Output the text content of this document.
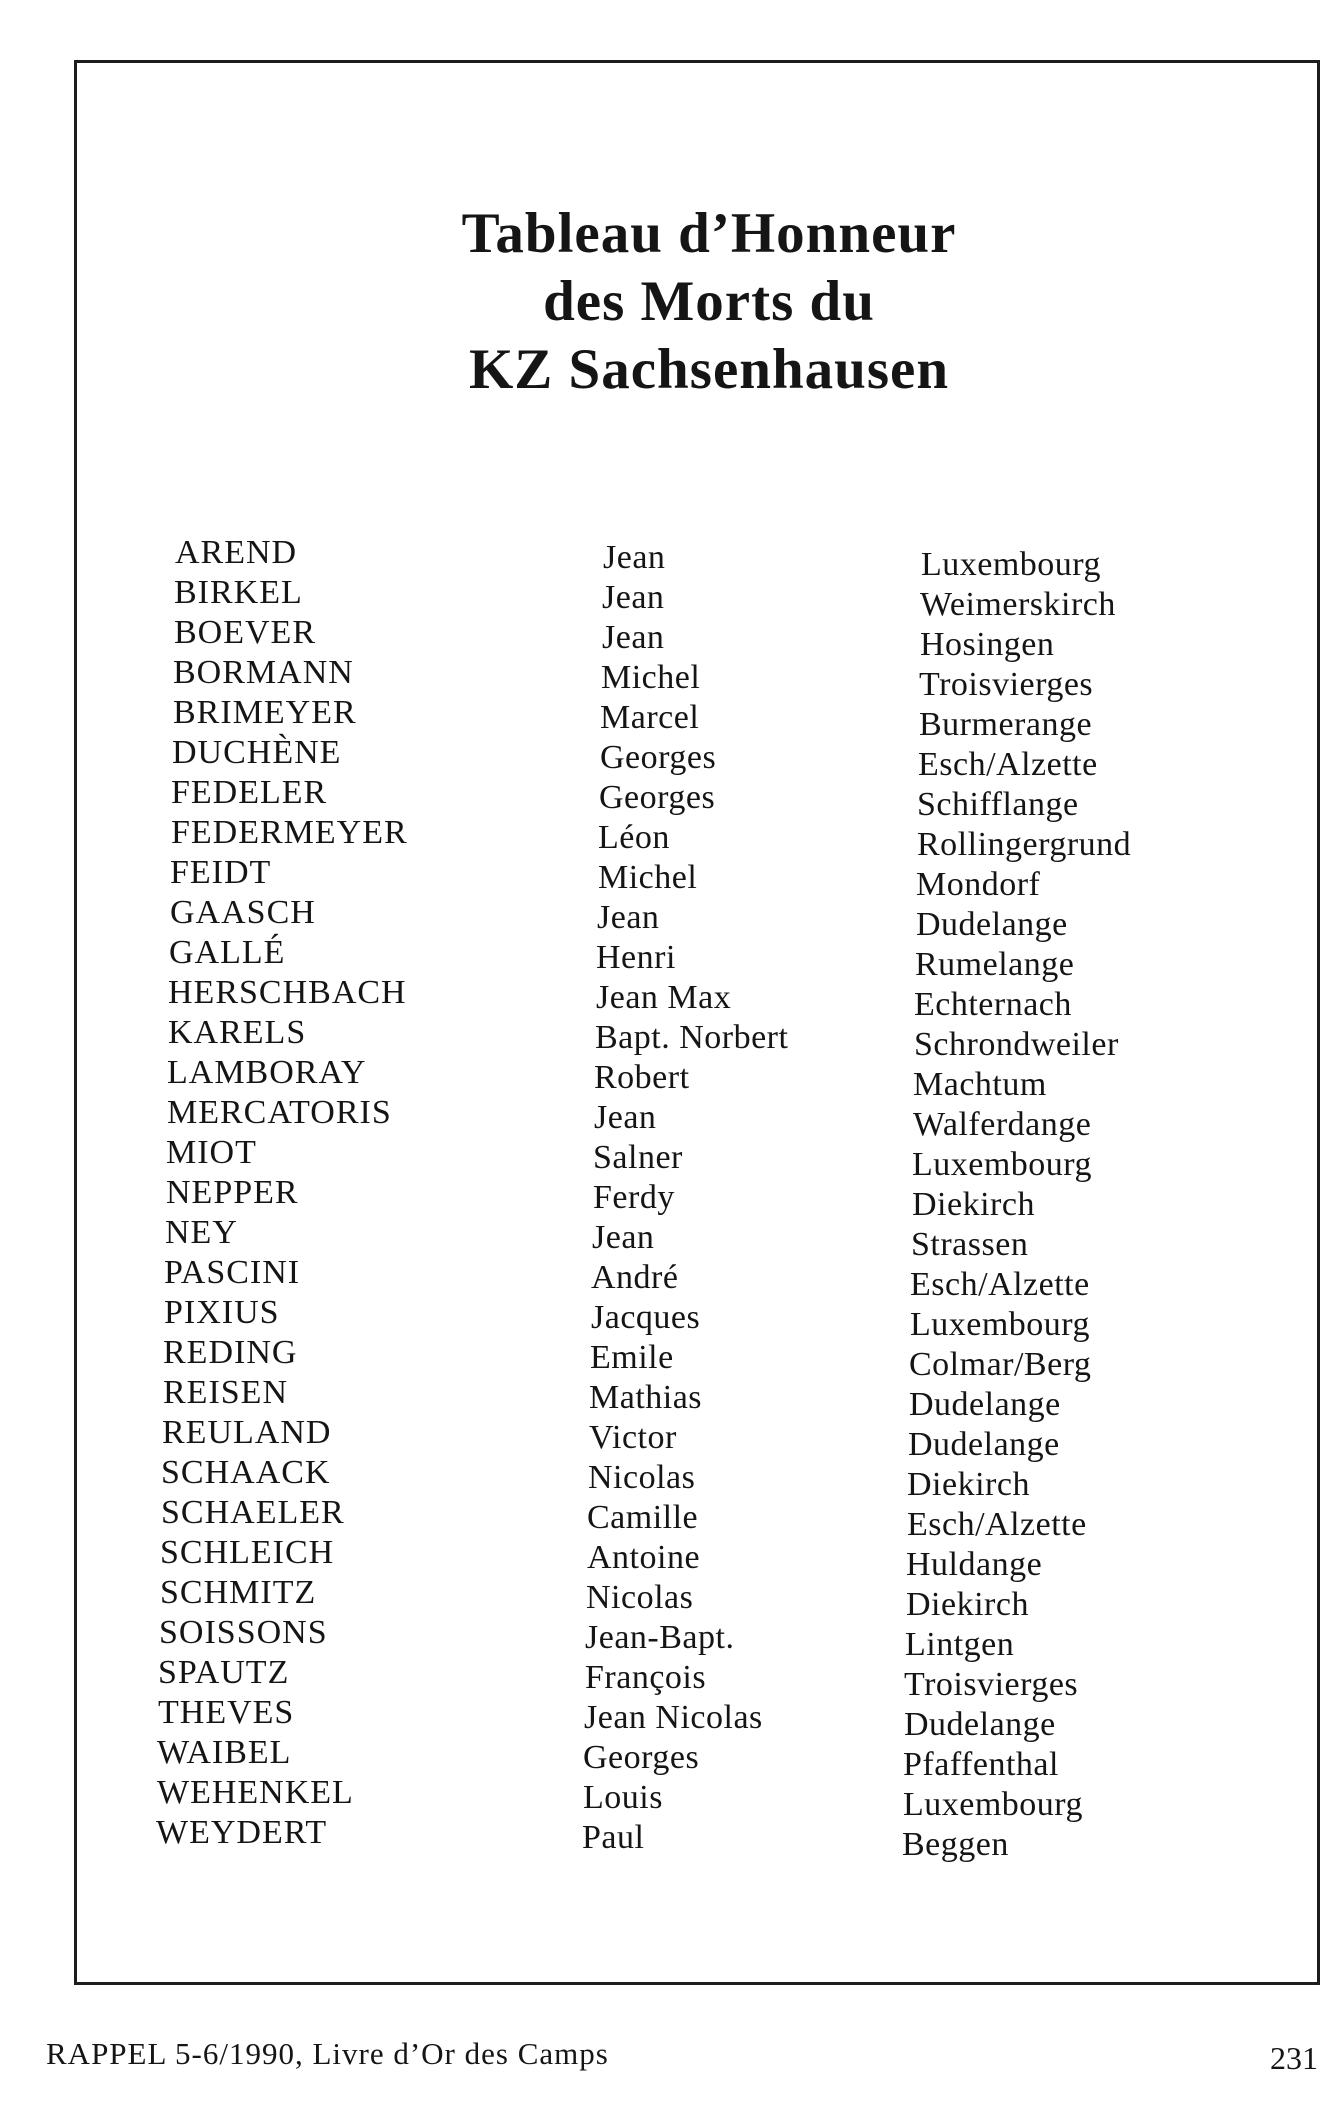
Tableau d’Honneur
des Morts du
KZ Sachsenhausen
AREND	Jean	Luxembourg
BIRKEL	Jean	Weimerskirch
BOEVER	Jean	Hosingen
BORMANN	Michel	Troisvierges
BRIMEYER	Marcel	Burmerange
DUCHÈNE	Georges	Esch/Alzette
FEDELER	Georges	Schifflange
FEDERMEYER	Léon	Rollingergrund
FEIDT	Michel	Mondorf
GAASCH	Jean	Dudelange
GALLÉ	Henri	Rumelange
HERSCHBACH	Jean Max	Echternach
KARELS	Bapt. Norbert	Schrondweiler
LAMBORAY	Robert	Machtum
MERCATORIS	Jean	Walferdange
MIOT	Salner	Luxembourg
NEPPER	Ferdy	Diekirch
NEY	Jean	Strassen
PASCINI	André	Esch/Alzette
PIXIUS	Jacques	Luxembourg
REDING	Emile	Colmar/Berg
REISEN	Mathias	Dudelange
REULAND	Victor	Dudelange
SCHAACK	Nicolas	Diekirch
SCHAELER	Camille	Esch/Alzette
SCHLEICH	Antoine	Huldange
SCHMITZ	Nicolas	Diekirch
SOISSONS	Jean-Bapt.	Lintgen
SPAUTZ	François	Troisvierges
THEVES	Jean Nicolas	Dudelange
WAIBEL	Georges	Pfaffenthal
WEHENKEL	Louis	Luxembourg
WEYDERT	Paul	Beggen
RAPPEL 5-6/1990, Livre d’Or des Camps	231
